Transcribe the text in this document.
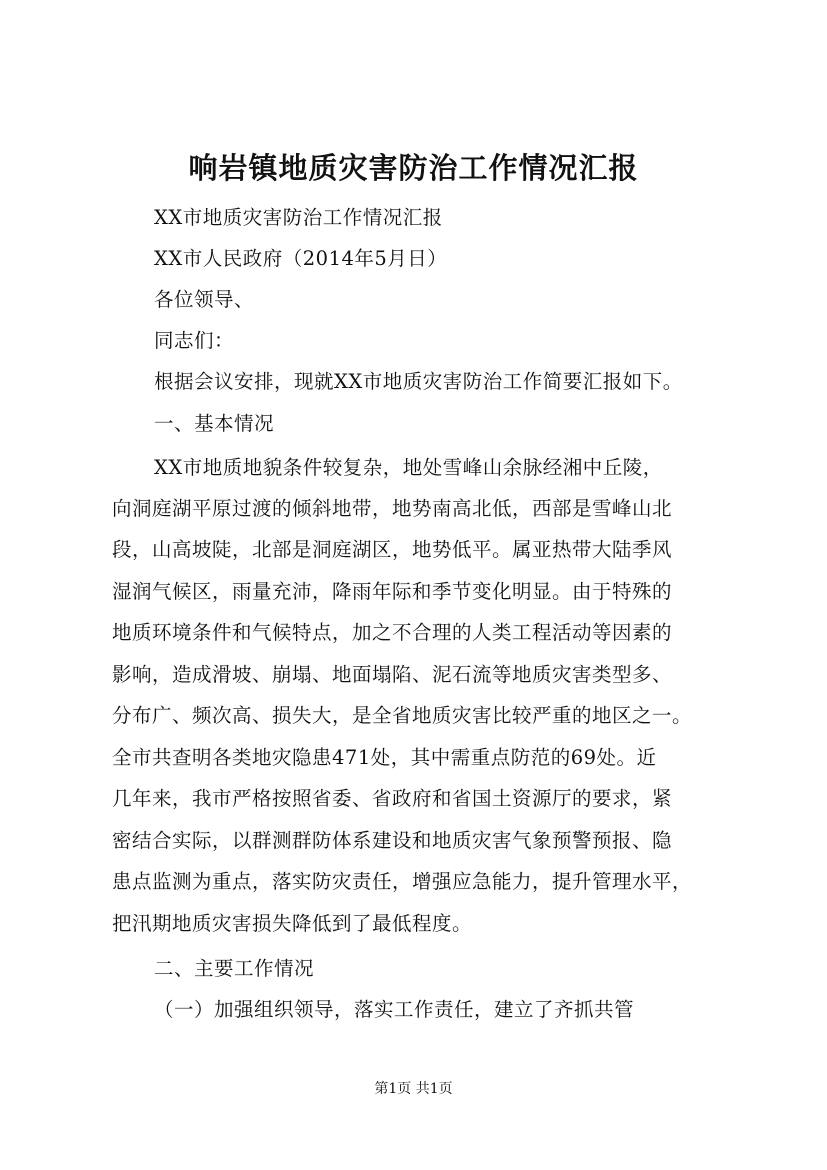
响岩镇地质灾害防治工作情况汇报
XX市地质灾害防治工作情况汇报
XX市人民政府（2014年5月日）
各位领导、
同志们：
根据会议安排，现就XX市地质灾害防治工作简要汇报如下。
一、基本情况
XX市地质地貌条件较复杂，地处雪峰山余脉经湘中丘陵，
向洞庭湖平原过渡的倾斜地带，地势南高北低，西部是雪峰山北
段，山高坡陡，北部是洞庭湖区，地势低平。属亚热带大陆季风
湿润气候区，雨量充沛，降雨年际和季节变化明显。由于特殊的
地质环境条件和气候特点，加之不合理的人类工程活动等因素的
影响，造成滑坡、崩塌、地面塌陷、泥石流等地质灾害类型多、
分布广、频次高、损失大，是全省地质灾害比较严重的地区之一。
全市共查明各类地灾隐患471处，其中需重点防范的69处。近
几年来，我市严格按照省委、省政府和省国土资源厅的要求，紧
密结合实际，以群测群防体系建设和地质灾害气象预警预报、隐
患点监测为重点，落实防灾责任，增强应急能力，提升管理水平，
把汛期地质灾害损失降低到了最低程度。
二、主要工作情况
（一）加强组织领导，落实工作责任，建立了齐抓共管
第1页 共1页
